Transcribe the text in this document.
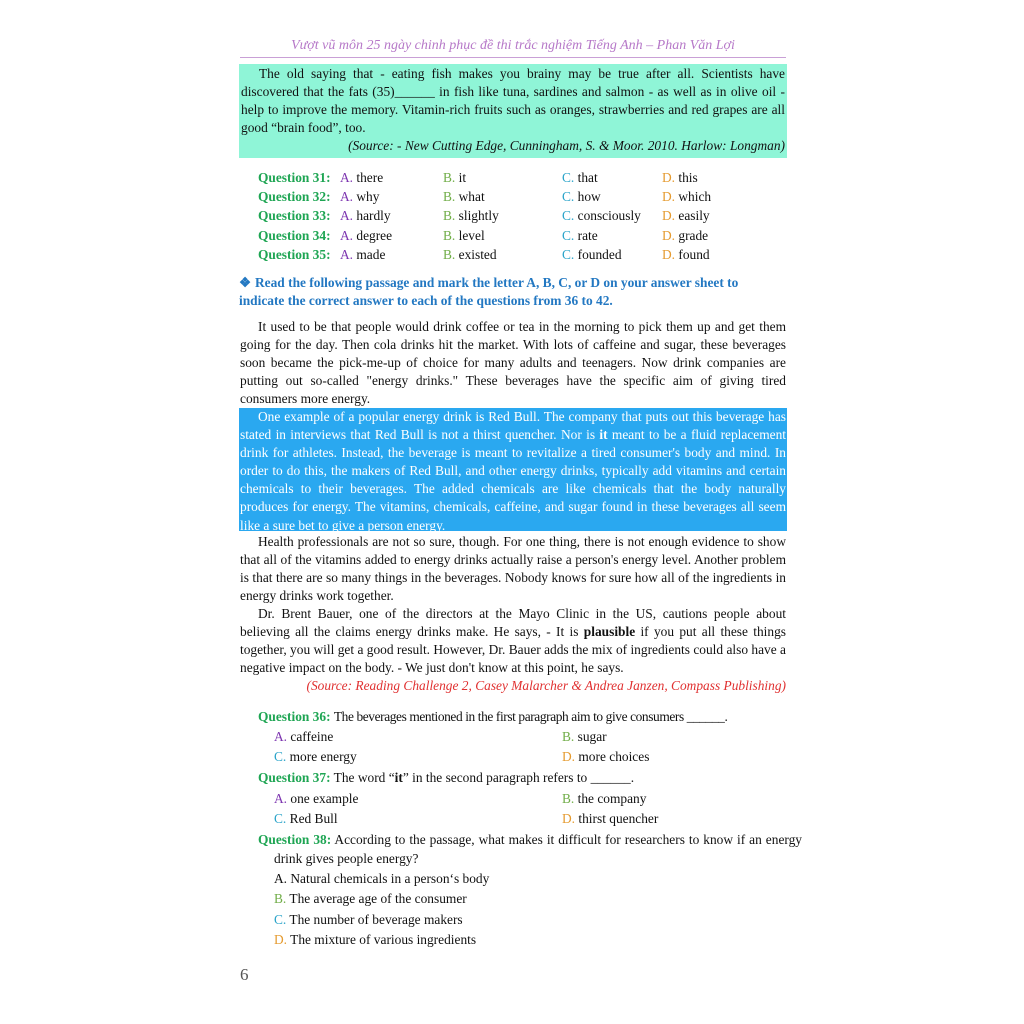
Vượt vũ môn 25 ngày chinh phục đề thi trắc nghiệm Tiếng Anh – Phan Văn Lợi
The old saying that - eating fish makes you brainy may be true after all. Scientists have discovered that the fats (35)______ in fish like tuna, sardines and salmon - as well as in olive oil - help to improve the memory. Vitamin-rich fruits such as oranges, strawberries and red grapes are all good “brain food”, too.
(Source: - New Cutting Edge, Cunningham, S. & Moor. 2010. Harlow: Longman)
Question 31: A. there	B. it	C. that	D. this
Question 32: A. why	B. what	C. how	D. which
Question 33: A. hardly	B. slightly	C. consciously D. easily
Question 34: A. degree	B. level	C. rate	D. grade
Question 35: A. made	B. existed	C. founded	D. found
❖ Read the following passage and mark the letter A, B, C, or D on your answer sheet to indicate the correct answer to each of the questions from 36 to 42.
It used to be that people would drink coffee or tea in the morning to pick them up and get them going for the day. Then cola drinks hit the market. With lots of caffeine and sugar, these beverages soon became the pick-me-up of choice for many adults and teenagers. Now drink companies are putting out so-called "energy drinks." These beverages have the specific aim of giving tired consumers more energy.
One example of a popular energy drink is Red Bull. The company that puts out this beverage has stated in interviews that Red Bull is not a thirst quencher. Nor is it meant to be a fluid replacement drink for athletes. Instead, the beverage is meant to revitalize a tired consumer's body and mind. In order to do this, the makers of Red Bull, and other energy drinks, typically add vitamins and certain chemicals to their beverages. The added chemicals are like chemicals that the body naturally produces for energy. The vitamins, chemicals, caffeine, and sugar found in these beverages all seem like a sure bet to give a person energy.
Health professionals are not so sure, though. For one thing, there is not enough evidence to show that all of the vitamins added to energy drinks actually raise a person's energy level. Another problem is that there are so many things in the beverages. Nobody knows for sure how all of the ingredients in energy drinks work together.
Dr. Brent Bauer, one of the directors at the Mayo Clinic in the US, cautions people about believing all the claims energy drinks make. He says, - It is plausible if you put all these things together, you will get a good result. However, Dr. Bauer adds the mix of ingredients could also have a negative impact on the body. - We just don't know at this point, he says.
(Source: Reading Challenge 2, Casey Malarcher & Andrea Janzen, Compass Publishing)
Question 36: The beverages mentioned in the first paragraph aim to give consumers ______.
A. caffeine	B. sugar
C. more energy	D. more choices
Question 37: The word “it” in the second paragraph refers to ______.
A. one example	B. the company
C. Red Bull	D. thirst quencher
Question 38: According to the passage, what makes it difficult for researchers to know if an energy drink gives people energy?
A. Natural chemicals in a person‘s body
B. The average age of the consumer
C. The number of beverage makers
D. The mixture of various ingredients
6
